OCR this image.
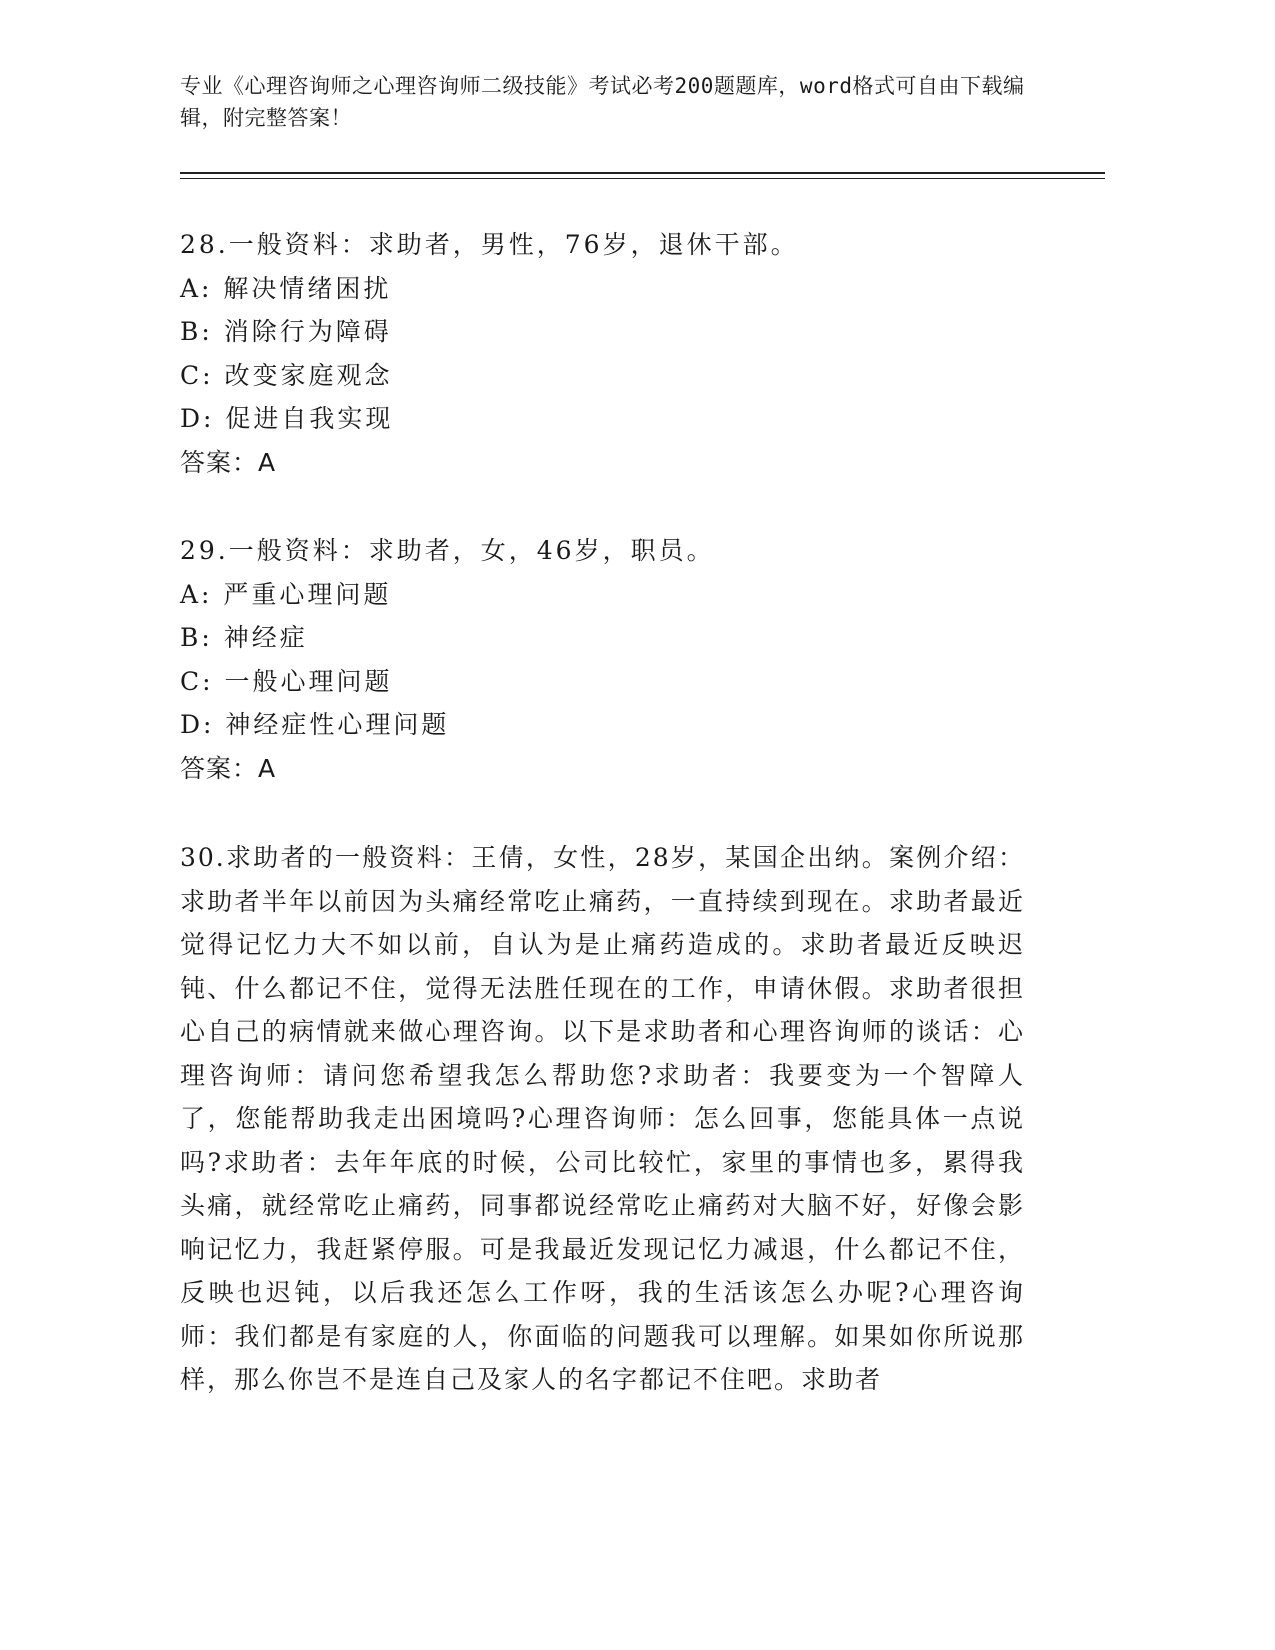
专业《心理咨询师之心理咨询师二级技能》考试必考200题题库，word格式可自由下载编辑，附完整答案！
28.一般资料：求助者，男性，76岁，退休干部。
A: 解决情绪困扰
B: 消除行为障碍
C: 改变家庭观念
D: 促进自我实现
答案：A
29.一般资料：求助者，女，46岁，职员。
A: 严重心理问题
B: 神经症
C: 一般心理问题
D: 神经症性心理问题
答案：A
30.求助者的一般资料：王倩，女性，28岁，某国企出纳。案例介绍：求助者半年以前因为头痛经常吃止痛药，一直持续到现在。求助者最近觉得记忆力大不如以前，自认为是止痛药造成的。求助者最近反映迟钝、什么都记不住，觉得无法胜任现在的工作，申请休假。求助者很担心自己的病情就来做心理咨询。以下是求助者和心理咨询师的谈话：心理咨询师：请问您希望我怎么帮助您?求助者：我要变为一个智障人了，您能帮助我走出困境吗?心理咨询师：怎么回事，您能具体一点说吗?求助者：去年年底的时候，公司比较忙，家里的事情也多，累得我头痛，就经常吃止痛药，同事都说经常吃止痛药对大脑不好，好像会影响记忆力，我赶紧停服。可是我最近发现记忆力减退，什么都记不住，反映也迟钝，以后我还怎么工作呀，我的生活该怎么办呢?心理咨询师：我们都是有家庭的人，你面临的问题我可以理解。如果如你所说那样，那么你岂不是连自己及家人的名字都记不住吧。求助者
